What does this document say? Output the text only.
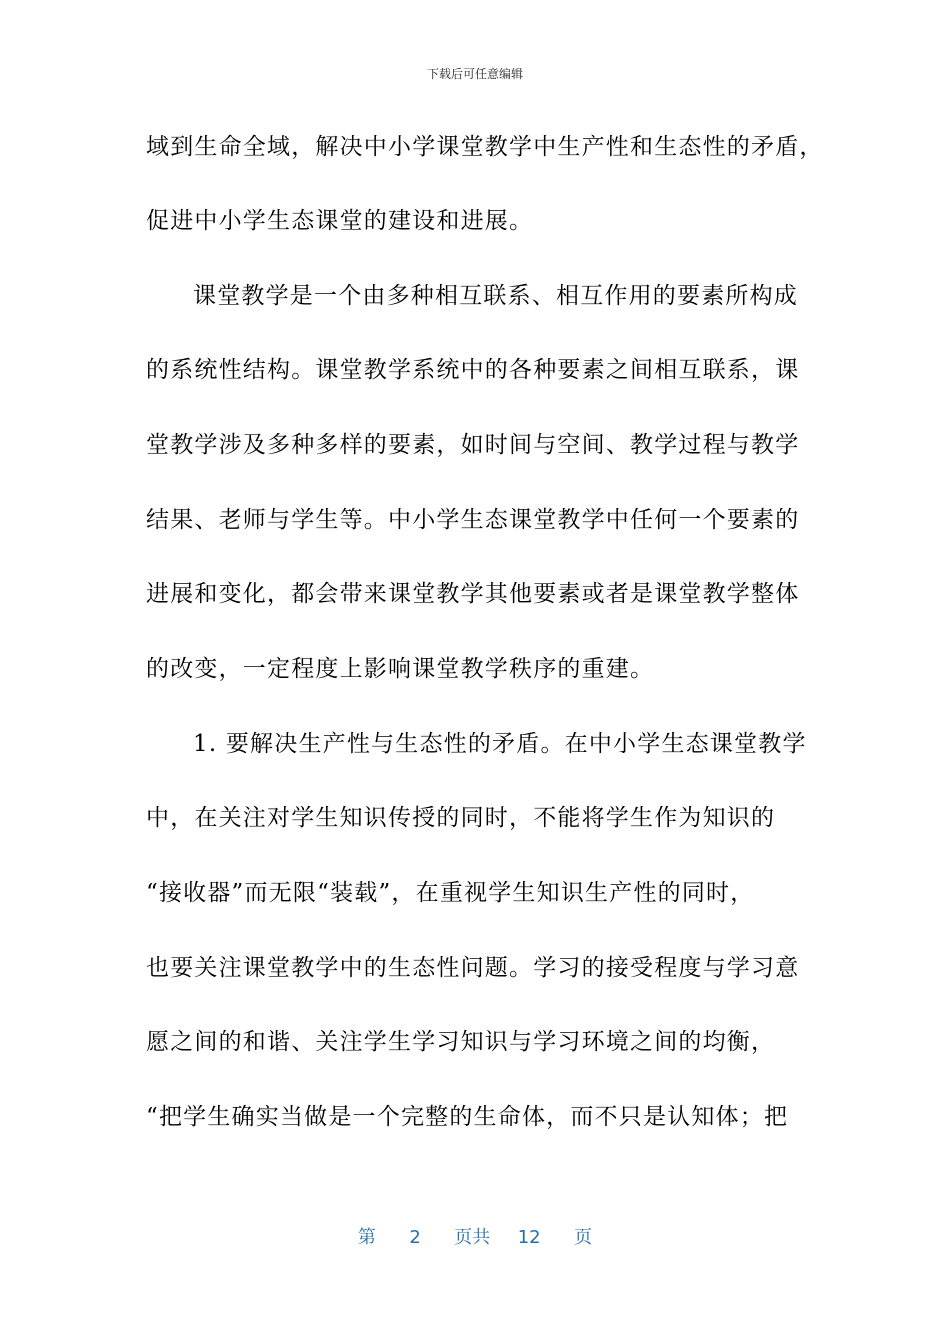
下载后可任意编辑
域到生命全域，解决中小学课堂教学中生产性和生态性的矛盾，
促进中小学生态课堂的建设和进展。
课堂教学是一个由多种相互联系、相互作用的要素所构成
的系统性结构。课堂教学系统中的各种要素之间相互联系，课
堂教学涉及多种多样的要素，如时间与空间、教学过程与教学
结果、老师与学生等。中小学生态课堂教学中任何一个要素的
进展和变化，都会带来课堂教学其他要素或者是课堂教学整体
的改变，一定程度上影响课堂教学秩序的重建。
1. 要解决生产性与生态性的矛盾。在中小学生态课堂教学
中，在关注对学生知识传授的同时，不能将学生作为知识的
“接收器”而无限“装载”，在重视学生知识生产性的同时，
也要关注课堂教学中的生态性问题。学习的接受程度与学习意
愿之间的和谐、关注学生学习知识与学习环境之间的均衡，
“把学生确实当做是一个完整的生命体，而不只是认知体；把
第 2 页共 12 页
